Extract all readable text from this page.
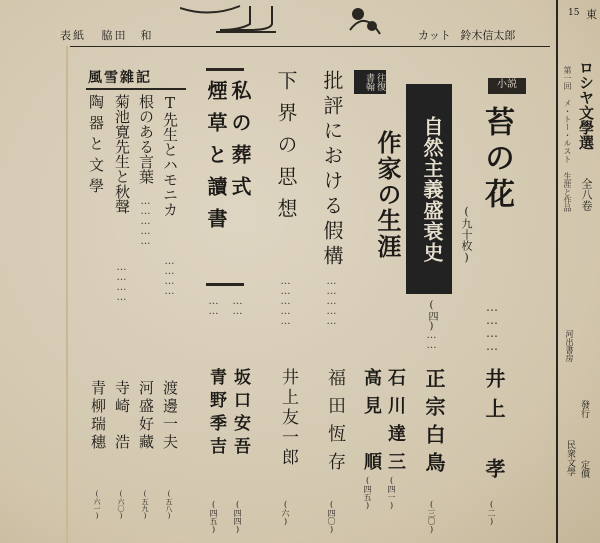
表紙 脇田　和	カット 鈴木信太郎
15 東
ロシヤ文學選
全八卷
第一回 メ・トー・ルスト 生涯と作品
河出書房
定價
發行
民衆文學
小説
苔の花
(九十枚)
…………
井上　孝
(二)
自然主義盛衰史
(四)
……
正宗白鳥
(三〇)
往復書翰
作家の生涯
石川達三
(四一)
高見　順
(四五)
批評における假構
……………
福田恆存
(四〇)
下界の思想
……………
井上友一郎
(六)
私の葬式
……
坂口安吾
(四四)
煙草と讀書
……
青野季吉
(四五)
風雪雜記
T先生とハモニカ
…………
渡邊一夫
(五八)
根のある言葉
……………
河盛好藏
(五九)
菊池寛先生と秋聲
…………
寺崎　浩
(六〇)
陶器と文學
青柳瑞穗
(六一)
